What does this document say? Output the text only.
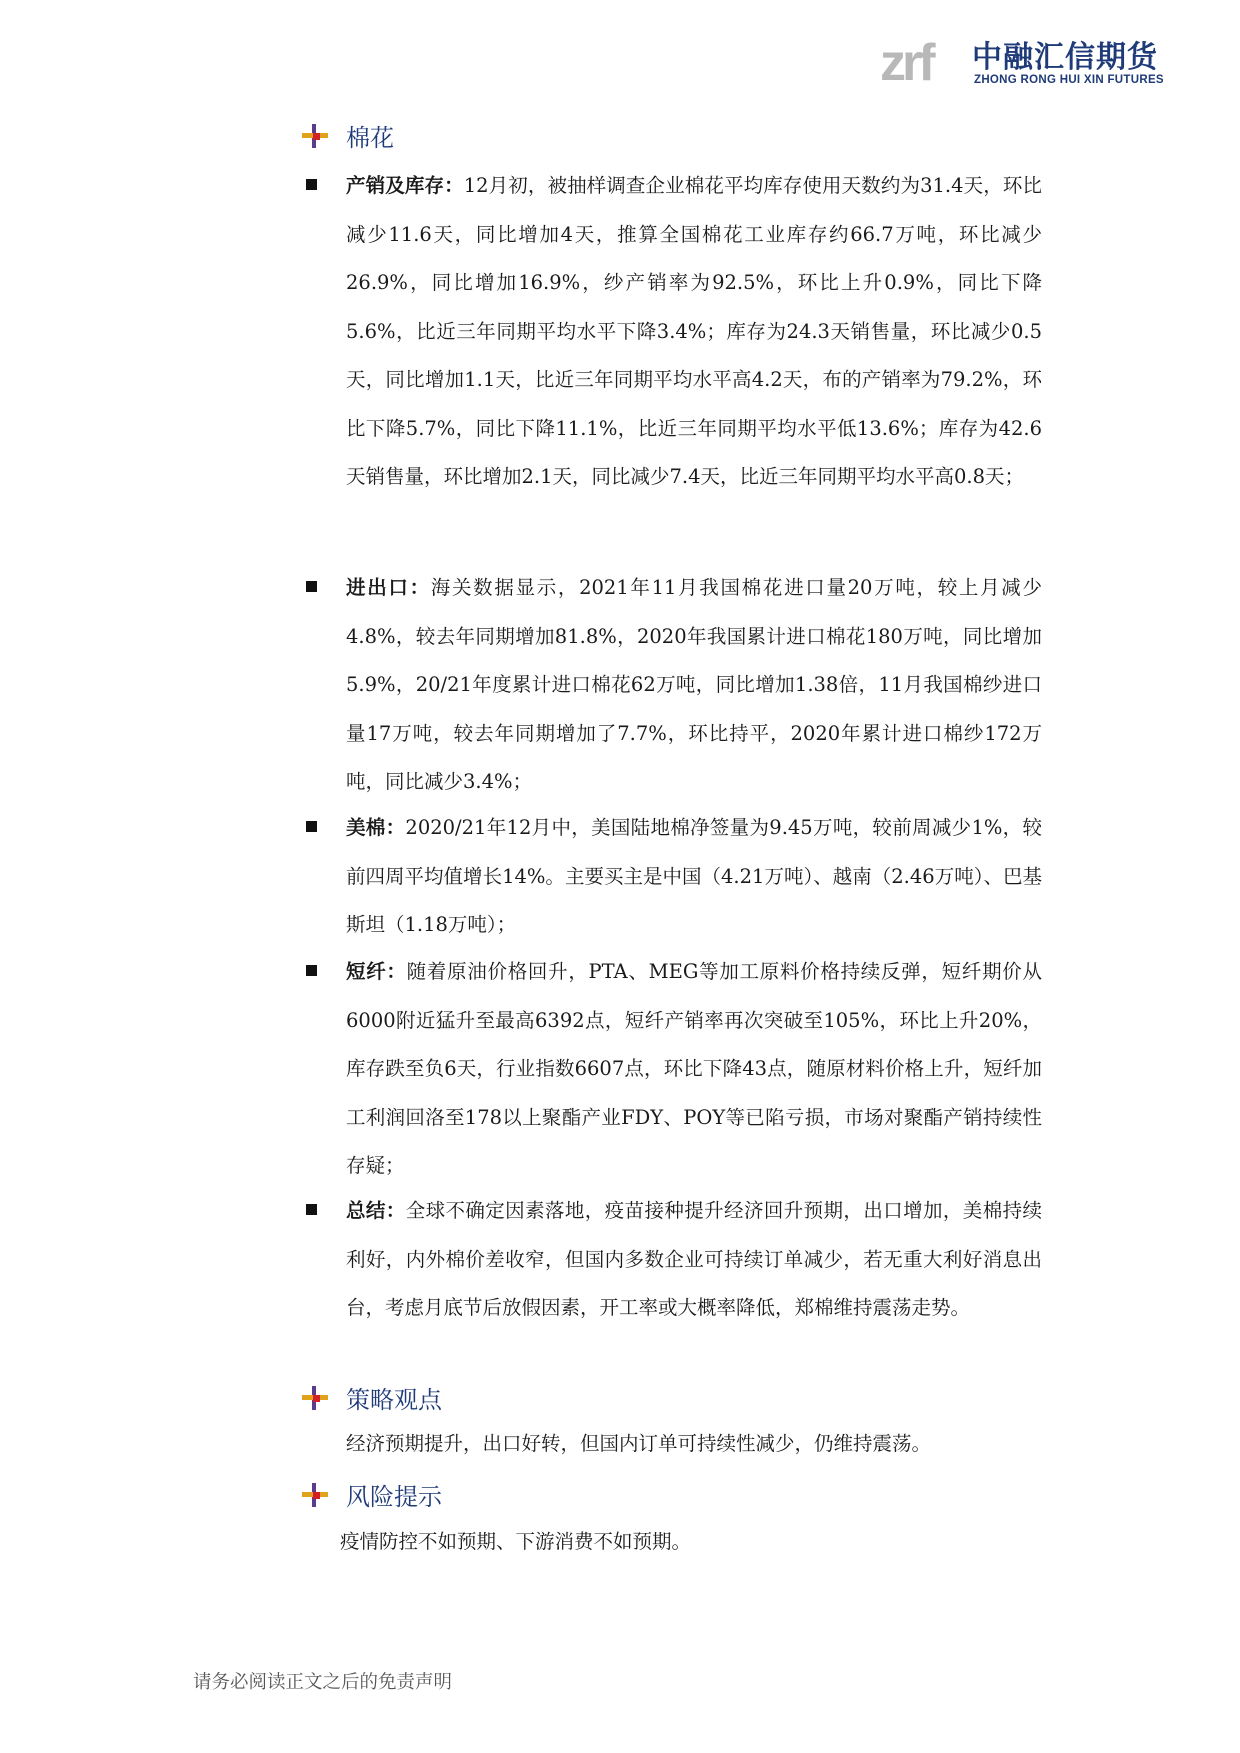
zrf 中融汇信期货
ZHONG RONG HUI XIN FUTURES
棉花
产销及库存：12月初，被抽样调查企业棉花平均库存使用天数约为31.4天，环比减少11.6天，同比增加4天，推算全国棉花工业库存约66.7万吨，环比减少26.9%，同比增加16.9%，纱产销率为92.5%，环比上升0.9%，同比下降5.6%，比近三年同期平均水平下降3.4%；库存为24.3天销售量，环比减少0.5天，同比增加1.1天，比近三年同期平均水平高4.2天，布的产销率为79.2%，环比下降5.7%，同比下降11.1%，比近三年同期平均水平低13.6%；库存为42.6天销售量，环比增加2.1天，同比减少7.4天，比近三年同期平均水平高0.8天；
进出口：海关数据显示，2021年11月我国棉花进口量20万吨，较上月减少4.8%，较去年同期增加81.8%，2020年我国累计进口棉花180万吨，同比增加5.9%，20/21年度累计进口棉花62万吨，同比增加1.38倍，11月我国棉纱进口量17万吨，较去年同期增加了7.7%，环比持平，2020年累计进口棉纱172万吨，同比减少3.4%；
美棉：2020/21年12月中，美国陆地棉净签量为9.45万吨，较前周减少1%，较前四周平均值增长14%。主要买主是中国（4.21万吨）、越南（2.46万吨）、巴基斯坦（1.18万吨）；
短纤：随着原油价格回升，PTA、MEG等加工原料价格持续反弹，短纤期价从6000附近猛升至最高6392点，短纤产销率再次突破至105%，环比上升20%，库存跌至负6天，行业指数6607点，环比下降43点，随原材料价格上升，短纤加工利润回洛至178以上聚酯产业FDY、POY等已陷亏损，市场对聚酯产销持续性存疑；
总结：全球不确定因素落地，疫苗接种提升经济回升预期，出口增加，美棉持续利好，内外棉价差收窄，但国内多数企业可持续订单减少，若无重大利好消息出台，考虑月底节后放假因素，开工率或大概率降低，郑棉维持震荡走势。
策略观点
经济预期提升，出口好转，但国内订单可持续性减少，仍维持震荡。
风险提示
疫情防控不如预期、下游消费不如预期。
请务必阅读正文之后的免责声明
